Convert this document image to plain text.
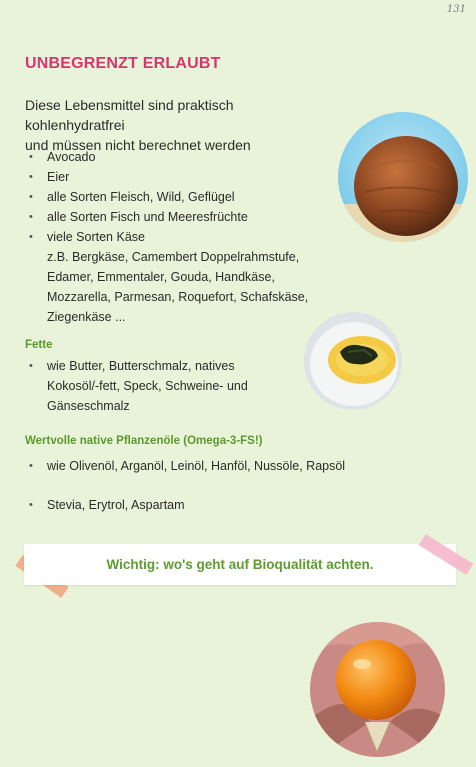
131
UNBEGRENZT ERLAUBT
Diese Lebensmittel sind praktisch kohlenhydratfrei
und müssen nicht berechnet werden
• Avocado
• Eier
• alle Sorten Fleisch, Wild, Geflügel
• alle Sorten Fisch und Meeresfrüchte
• viele Sorten Käse
z.B. Bergkäse, Camembert Doppelrahmstufe,
Edamer, Emmentaler, Gouda, Handkäse,
Mozzarella, Parmesan, Roquefort, Schafskäse,
Ziegenkäse ...
Fette
• wie Butter, Butterschmalz, natives
Kokosöl/-fett, Speck, Schweine- und
Gänseschmalz
Wertvolle native Pflanzenöle (Omega-3-FS!)
• wie Olivenöl, Arganöl, Leinöl, Hanföl, Nussöle, Rapsöl
• Stevia, Erytrol, Aspartam
Wichtig: wo's geht auf Bioqualität achten.
